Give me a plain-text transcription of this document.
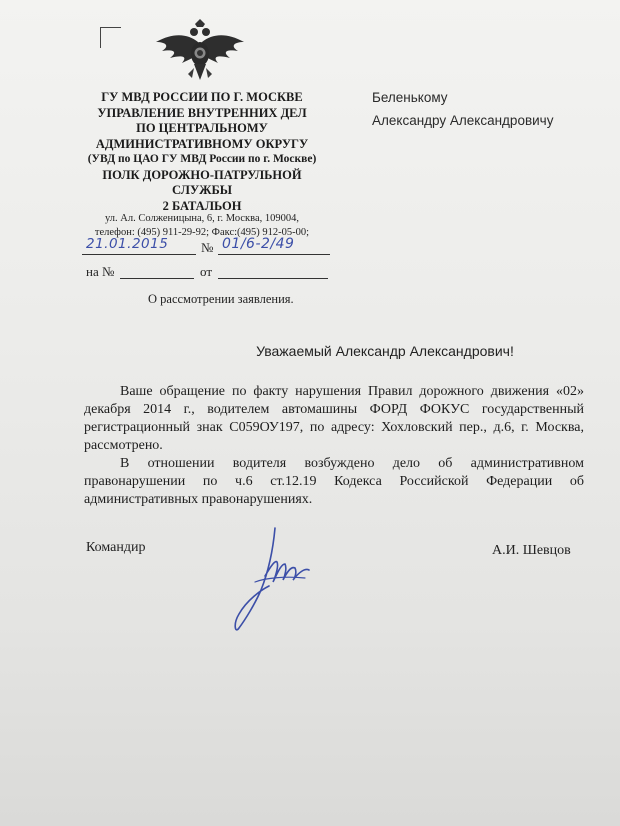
ГУ МВД РОССИИ ПО Г. МОСКВЕ
УПРАВЛЕНИЕ ВНУТРЕННИХ ДЕЛ
ПО ЦЕНТРАЛЬНОМУ
АДМИНИСТРАТИВНОМУ ОКРУГУ
(УВД по ЦАО ГУ МВД России по г. Москве)
ПОЛК ДОРОЖНО-ПАТРУЛЬНОЙ
СЛУЖБЫ
2 БАТАЛЬОН
ул. Ал. Солженицына, 6, г. Москва, 109004,
телефон: (495) 911-29-92; Факс:(495) 912-05-00;
21.01.2015	№ 01/6-2/49
на №	от
О рассмотрении заявления.
Беленькому
Александру Александровичу
Уважаемый Александр Александрович!

Ваше обращение по факту нарушения Правил дорожного движения «02» декабря 2014 г., водителем автомашины ФОРД ФОКУС государственный регистрационный знак С059ОУ197, по адресу: Хохловский пер., д.6, г. Москва, рассмотрено.

В отношении водителя возбуждено дело об административном правонарушении по ч.6 ст.12.19 Кодекса Российской Федерации об административных правонарушениях.

Командир	А.И. Шевцов
